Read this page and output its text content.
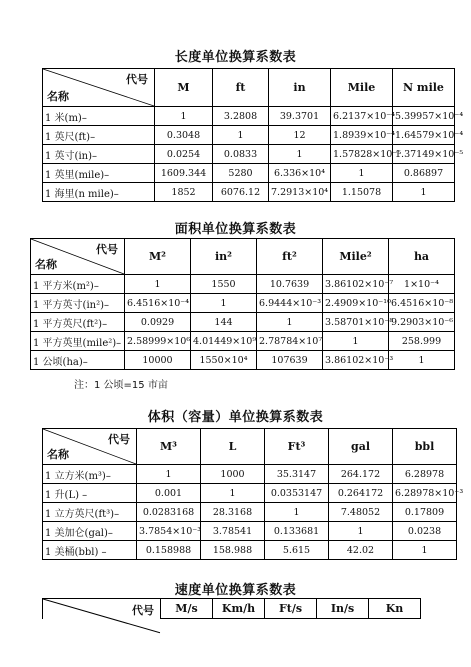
长度单位换算系数表
代号
名称	M	ft	in	Mile	N mile
1 米(m)–	1	3.2808	39.3701	6.2137×10⁻⁴	5.39957×10⁻⁴
1 英尺(ft)–	0.3048	1	12	1.8939×10⁻⁴	1.64579×10⁻⁴
1 英寸(in)–	0.0254	0.0833	1	1.57828×10⁻⁵	1.37149×10⁻⁵
1 英里(mile)–	1609.344	5280	6.336×10⁴	1	0.86897
1 海里(n mile)–	1852	6076.12	7.2913×10⁴	1.15078	1
面积单位换算系数表
代号
名称	M²	in²	ft²	Mile²	ha
1 平方米(m²)–	1	1550	10.7639	3.86102×10⁻⁷	1×10⁻⁴
1 平方英寸(in²)–	6.4516×10⁻⁴	1	6.9444×10⁻³	2.4909×10⁻¹⁰	6.4516×10⁻⁸
1 平方英尺(ft²)–	0.0929	144	1	3.58701×10⁻⁸	9.2903×10⁻⁶
1 平方英里(mile²)–	2.58999×10⁶	4.01449×10⁹	2.78784×10⁷	1	258.999
1 公顷(ha)–	10000	1550×10⁴	107639	3.86102×10⁻³	1
注：1 公顷=15 市亩
体积（容量）单位换算系数表
代号
名称	M³	L	Ft³	gal	bbl
1 立方米(m³)–	1	1000	35.3147	264.172	6.28978
1 升(L) –	0.001	1	0.0353147	0.264172	6.28978×10⁻³
1 立方英尺(ft³)–	0.0283168	28.3168	1	7.48052	0.17809
1 美加仑(gal)–	3.7854×10⁻³	3.78541	0.133681	1	0.0238
1 美桶(bbl) –	0.158988	158.988	5.615	42.02	1
速度单位换算系数表
代号	M/s	Km/h	Ft/s	In/s	Kn
